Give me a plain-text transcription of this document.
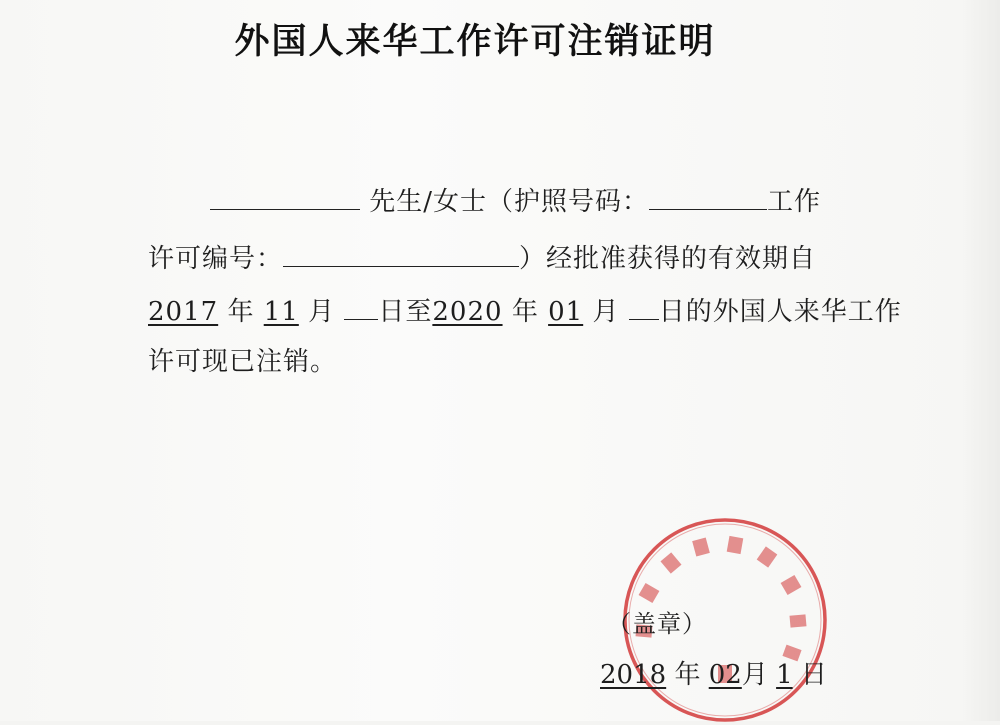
外国人来华工作许可注销证明
先生/女士（护照号码：	工作
许可编号：	）经批准获得的有效期自
2017 年 11 月 日至2020 年 01 月 日的外国人来华工作
许可现已注销。
（盖章）
2018 年 02月 1 日
